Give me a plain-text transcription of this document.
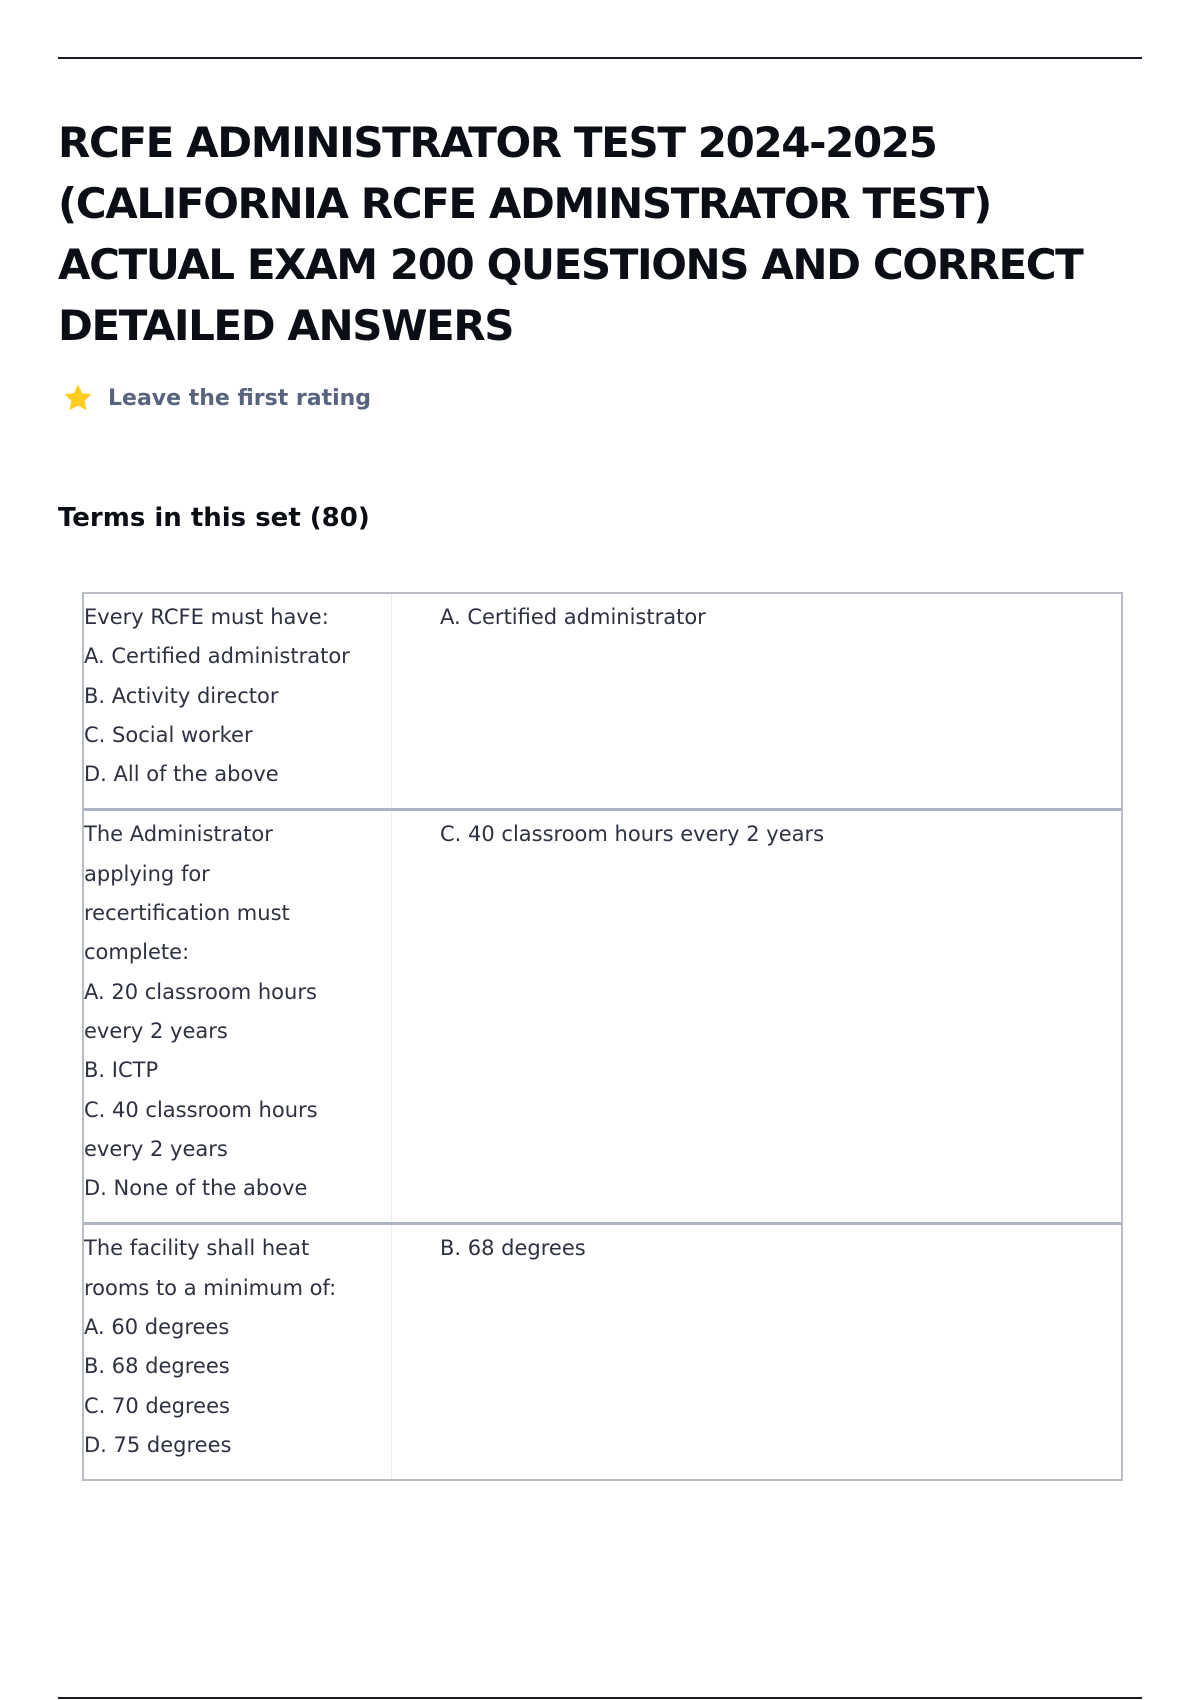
RCFE ADMINISTRATOR TEST 2024-2025 (CALIFORNIA RCFE ADMINSTRATOR TEST) ACTUAL EXAM 200 QUESTIONS AND CORRECT DETAILED ANSWERS
Leave the first rating
Terms in this set (80)
Every RCFE must have:
A. Certified administrator
B. Activity director
C. Social worker
D. All of the above
A. Certified administrator
The Administrator
applying for
recertification must
complete:
A. 20 classroom hours
every 2 years
B. ICTP
C. 40 classroom hours
every 2 years
D. None of the above
C. 40 classroom hours every 2 years
The facility shall heat
rooms to a minimum of:
A. 60 degrees
B. 68 degrees
C. 70 degrees
D. 75 degrees
B. 68 degrees
